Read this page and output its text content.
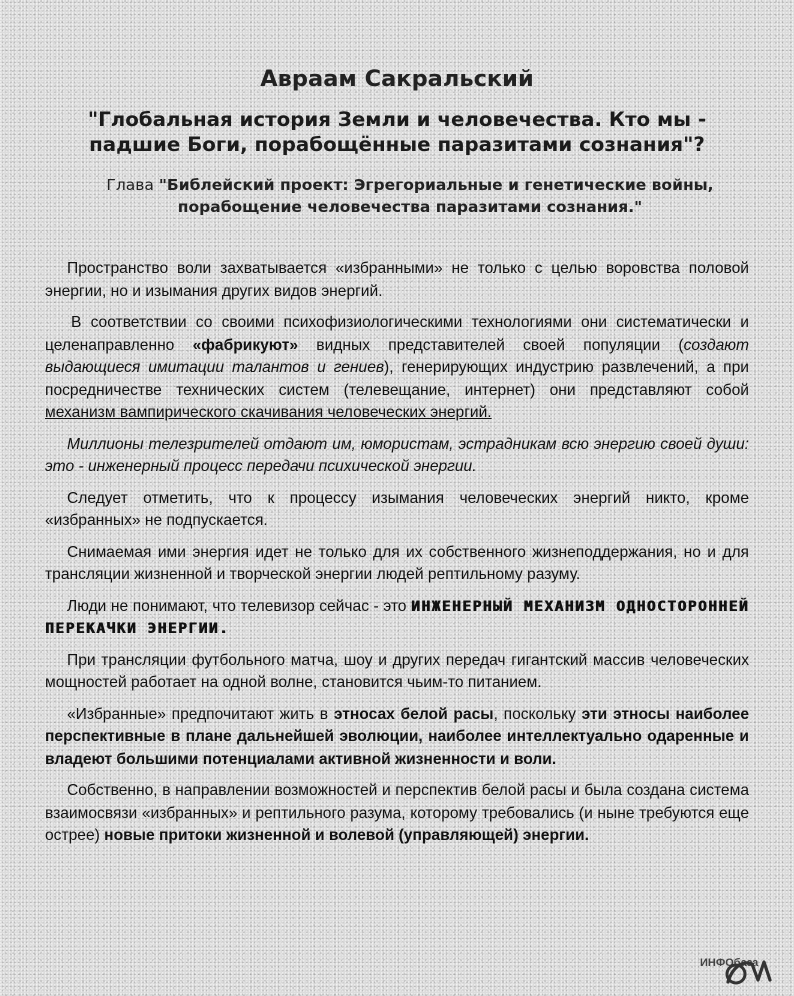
Авраам Сакральский
"Глобальная история Земли и человечества. Кто мы - падшие Боги, порабощённые паразитами сознания"?
Глава "Библейский проект: Эгрегориальные и генетические войны, порабощение человечества паразитами сознания."

Пространство воли захватывается «избранными» не только с целью воровства половой энергии, но и изымания других видов энергий.

В соответствии со своими психофизиологическими технологиями они систематически и целенаправленно «фабрикуют» видных представителей своей популяции (создают выдающиеся имитации талантов и гениев), генерирующих индустрию развлечений, а при посредничестве технических систем (телевещание, интернет) они представляют собой механизм вампирического скачивания человеческих энергий.

Миллионы телезрителей отдают им, юмористам, эстрадникам всю энергию своей души: это - инженерный процесс передачи психической энергии.

Следует отметить, что к процессу изымания человеческих энергий никто, кроме «избранных» не подпускается.

Снимаемая ими энергия идет не только для их собственного жизнеподдержания, но и для трансляции жизненной и творческой энергии людей рептильному разуму.

Люди не понимают, что телевизор сейчас - это ИНЖЕНЕРНЫЙ МЕХАНИЗМ ОДНОСТОРОННЕЙ ПЕРЕКАЧКИ ЭНЕРГИИ.

При трансляции футбольного матча, шоу и других передач гигантский массив человеческих мощностей работает на одной волне, становится чьим-то питанием.

«Избранные» предпочитают жить в этносах белой расы, поскольку эти этносы наиболее перспективные в плане дальнейшей эволюции, наиболее интеллектуально одаренные и владеют большими потенциалами активной жизненности и воли.

Собственно, в направлении возможностей и перспектив белой расы и была создана система взаимосвязи «избранных» и рептильного разума, которому требовались (и ныне требуются еще острее) новые притоки жизненной и волевой (управляющей) энергии.

ИНФОбаза
